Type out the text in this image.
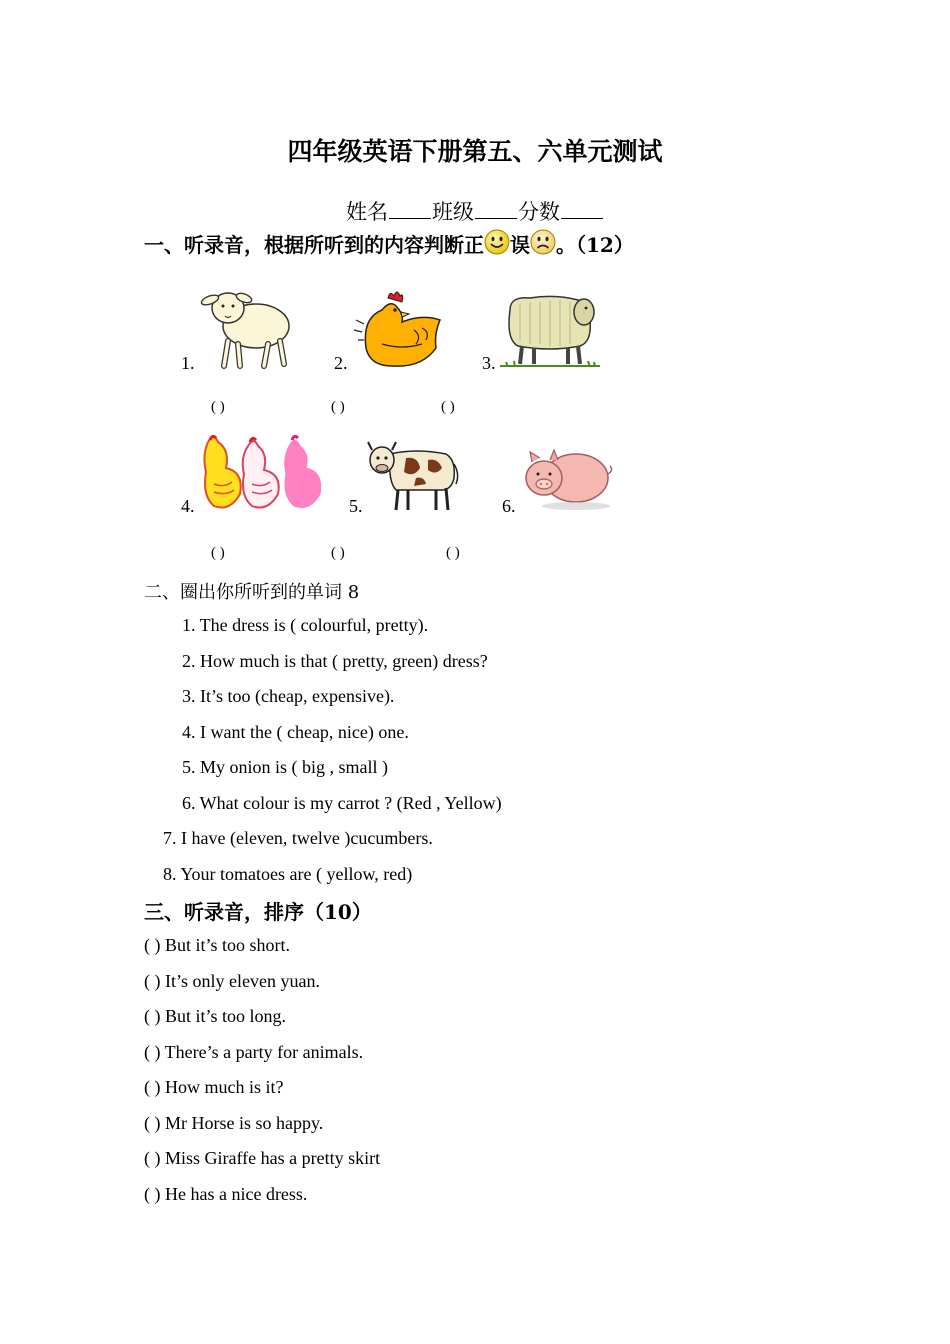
四年级英语下册第五、六单元测试
姓名 班级 分数
一、听录音，根据所听到的内容判断正 误 。（12）
1.	2.	3.
( )	( )	( )
4.	5.	6.
( )	( )	( )
二、圈出你所听到的单词 8
1. The dress is ( colourful, pretty).
2. How much is that ( pretty, green) dress?
3. It’s too (cheap, expensive).
4. I want the ( cheap, nice) one.
5. My onion is ( big , small )
6. What colour is my carrot ? (Red , Yellow)
7. I have (eleven, twelve )cucumbers.
8. Your tomatoes are ( yellow, red)
三、听录音，排序（10）
( ) But it’s too short.
( ) It’s only eleven yuan.
( ) But it’s too long.
( ) There’s a party for animals.
( ) How much is it?
( ) Mr Horse is so happy.
( ) Miss Giraffe has a pretty skirt
( ) He has a nice dress.
